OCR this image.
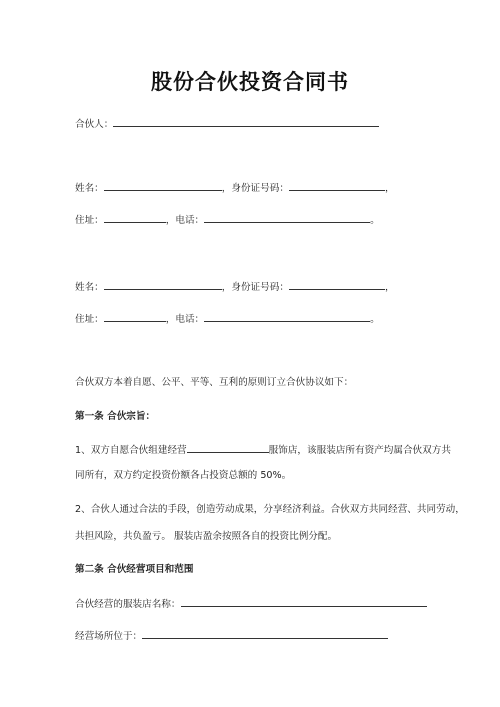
股份合伙投资合同书
合伙人：
姓名：	，身份证号码：	，
住址：	，电话：	。
姓名：	，身份证号码：	，
住址：	，电话：	。
合伙双方本着自愿、公平、平等、互利的原则订立合伙协议如下：
第一条 合伙宗旨：
1、双方自愿合伙组建经营	服饰店，该服装店所有资产均属合伙双方共
同所有，双方约定投资份额各占投资总额的 50%。
2、合伙人通过合法的手段，创造劳动成果，分享经济利益。合伙双方共同经营、共同劳动，
共担风险，共负盈亏。 服装店盈余按照各自的投资比例分配。
第二条 合伙经营项目和范围
合伙经营的服装店名称：
经营场所位于：
